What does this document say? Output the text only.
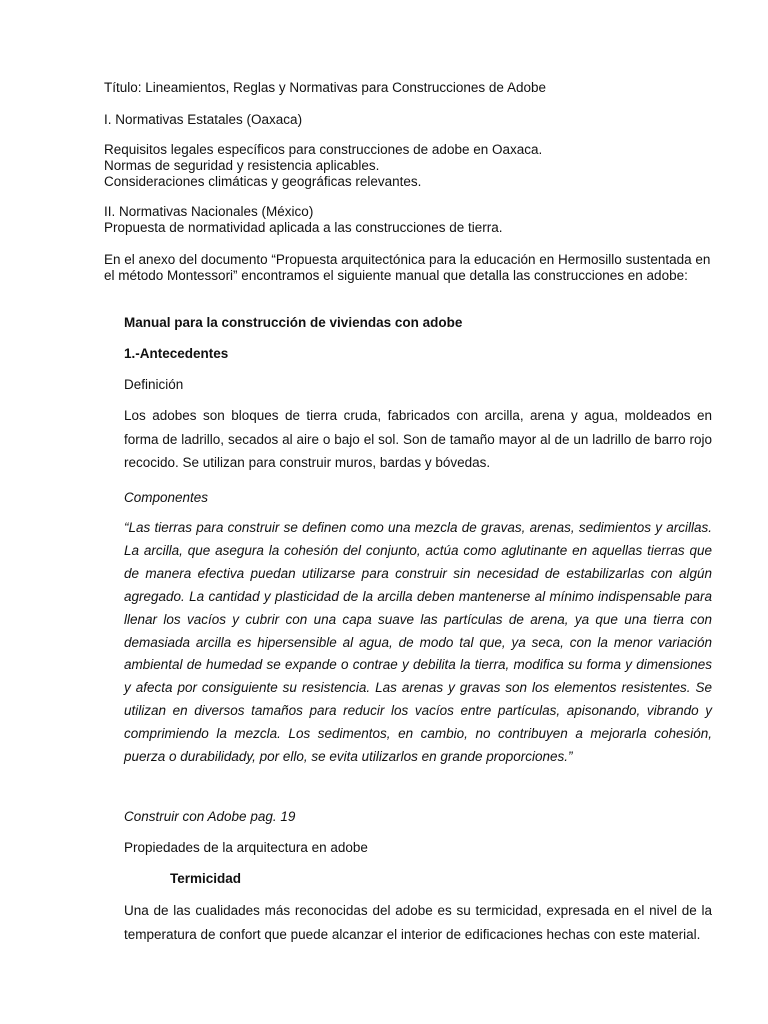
Título: Lineamientos, Reglas y Normativas para Construcciones de Adobe

I. Normativas Estatales (Oaxaca)

Requisitos legales específicos para construcciones de adobe en Oaxaca.
Normas de seguridad y resistencia aplicables.
Consideraciones climáticas y geográficas relevantes.

II. Normativas Nacionales (México)
Propuesta de normatividad aplicada a las construcciones de tierra.

En el anexo del documento “Propuesta arquitectónica para la educación en Hermosillo sustentada en el método Montessori” encontramos el siguiente manual que detalla las construcciones en adobe:

Manual para la construcción de viviendas con adobe

1.-Antecedentes

Definición

Los adobes son bloques de tierra cruda, fabricados con arcilla, arena y agua, moldeados en forma de ladrillo, secados al aire o bajo el sol. Son de tamaño mayor al de un ladrillo de barro rojo recocido. Se utilizan para construir muros, bardas y bóvedas.

Componentes

“Las tierras para construir se definen como una mezcla de gravas, arenas, sedimientos y arcillas. La arcilla, que asegura la cohesión del conjunto, actúa como aglutinante en aquellas tierras que de manera efectiva puedan utilizarse para construir sin necesidad de estabilizarlas con algún agregado. La cantidad y plasticidad de la arcilla deben mantenerse al mínimo indispensable para llenar los vacíos y cubrir con una capa suave las partículas de arena, ya que una tierra con demasiada arcilla es hipersensible al agua, de modo tal que, ya seca, con la menor variación ambiental de humedad se expande o contrae y debilita la tierra, modifica su forma y dimensiones y afecta por consiguiente su resistencia. Las arenas y gravas son los elementos resistentes. Se utilizan en diversos tamaños para reducir los vacíos entre partículas, apisonando, vibrando y comprimiendo la mezcla. Los sedimentos, en cambio, no contribuyen a mejorarla cohesión, puerza o durabilidady, por ello, se evita utilizarlos en grande proporciones.”

Construir con Adobe pag. 19

Propiedades de la arquitectura en adobe

Termicidad

Una de las cualidades más reconocidas del adobe es su termicidad, expresada en el nivel de la temperatura de confort que puede alcanzar el interior de edificaciones hechas con este material.
